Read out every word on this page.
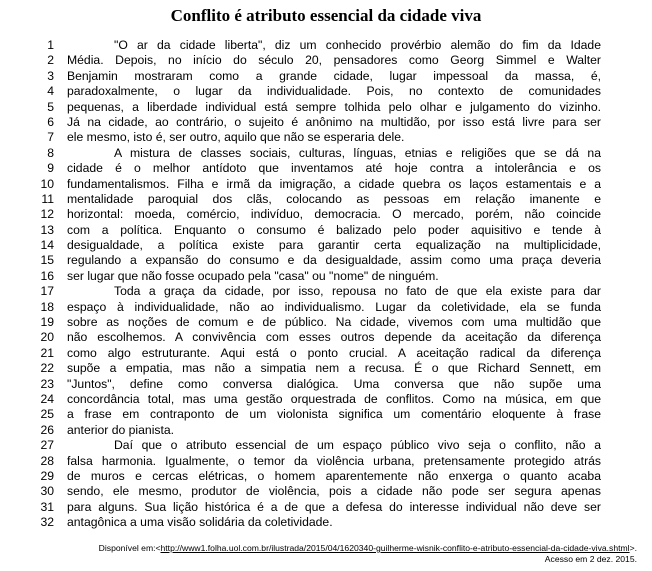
Conflito é atributo essencial da cidade viva
1	"O ar da cidade liberta", diz um conhecido provérbio alemão do fim da Idade
2 Média. Depois, no início do século 20, pensadores como Georg Simmel e Walter
3 Benjamin mostraram como a grande cidade, lugar impessoal da massa, é,
4 paradoxalmente, o lugar da individualidade. Pois, no contexto de comunidades
5 pequenas, a liberdade individual está sempre tolhida pelo olhar e julgamento do vizinho.
6 Já na cidade, ao contrário, o sujeito é anônimo na multidão, por isso está livre para ser
7 ele mesmo, isto é, ser outro, aquilo que não se esperaria dele.
8	A mistura de classes sociais, culturas, línguas, etnias e religiões que se dá na
9 cidade é o melhor antídoto que inventamos até hoje contra a intolerância e os
10 fundamentalismos. Filha e irmã da imigração, a cidade quebra os laços estamentais e a
11 mentalidade paroquial dos clãs, colocando as pessoas em relação imanente e
12 horizontal: moeda, comércio, indivíduo, democracia. O mercado, porém, não coincide
13 com a política. Enquanto o consumo é balizado pelo poder aquisitivo e tende à
14 desigualdade, a política existe para garantir certa equalização na multiplicidade,
15 regulando a expansão do consumo e da desigualdade, assim como uma praça deveria
16 ser lugar que não fosse ocupado pela "casa" ou "nome" de ninguém.
17	Toda a graça da cidade, por isso, repousa no fato de que ela existe para dar
18 espaço à individualidade, não ao individualismo. Lugar da coletividade, ela se funda
19 sobre as noções de comum e de público. Na cidade, vivemos com uma multidão que
20 não escolhemos. A convivência com esses outros depende da aceitação da diferença
21 como algo estruturante. Aqui está o ponto crucial. A aceitação radical da diferença
22 supõe a empatia, mas não a simpatia nem a recusa. É o que Richard Sennett, em
23 "Juntos", define como conversa dialógica. Uma conversa que não supõe uma
24 concordância total, mas uma gestão orquestrada de conflitos. Como na música, em que
25 a frase em contraponto de um violonista significa um comentário eloquente à frase
26 anterior do pianista.
27	Daí que o atributo essencial de um espaço público vivo seja o conflito, não a
28 falsa harmonia. Igualmente, o temor da violência urbana, pretensamente protegido atrás
29 de muros e cercas elétricas, o homem aparentemente não enxerga o quanto acaba
30 sendo, ele mesmo, produtor de violência, pois a cidade não pode ser segura apenas
31 para alguns. Sua lição histórica é a de que a defesa do interesse individual não deve ser
32 antagônica a uma visão solidária da coletividade.
Disponível em:<http://www1.folha.uol.com.br/ilustrada/2015/04/1620340-guilherme-wisnik-conflito-e-atributo-essencial-da-cidade-viva.shtml>.
Acesso em 2 dez. 2015.
